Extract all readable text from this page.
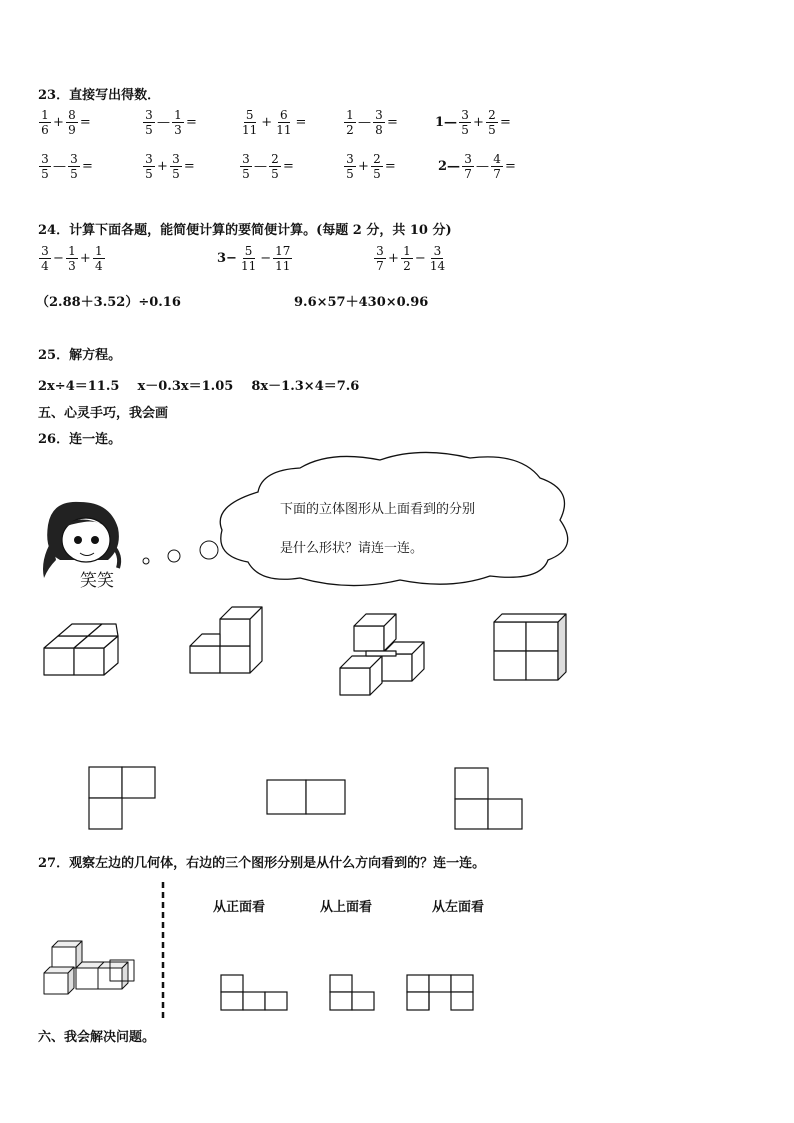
23．直接写出得数．
24．计算下面各题，能简便计算的要简便计算。(每题 2 分，共 10 分)
（2.88＋3.52）÷0.16	9.6×57＋430×0.96
25．解方程。
2x÷4＝11.5    x－0.3x＝1.05    8x－1.3×4＝7.6
五、心灵手巧，我会画
26．连一连。
笑笑
下面的立体图形从上面看到的分别
是什么形状？请连一连。
27．观察左边的几何体，右边的三个图形分别是从什么方向看到的？连一连。
从正面看	从上面看	从左面看
六、我会解决问题。
$\frac{1}{6} + \frac{8}{9}$ =	$\frac{3}{5}$ — $\frac{1}{3}$ =	$\frac{5}{11} + \frac{6}{11}$ =	$\frac{1}{2}$ — $\frac{3}{8}$ =	1— $\frac{3}{5} + \frac{2}{5}$ =
$\frac{3}{5}$ — $\frac{3}{5}$ =	$\frac{3}{5} + \frac{3}{5}$ =	$\frac{3}{5}$ — $\frac{2}{5}$ =	$\frac{3}{5} + \frac{2}{5}$ =	2— $\frac{3}{7}$ — $\frac{4}{7}$ =
$\frac{3}{4} - \frac{1}{3} + \frac{1}{4}$	$3- \frac{5}{11} - \frac{17}{11}$	$\frac{3}{7} + \frac{1}{2} - \frac{3}{14}$
